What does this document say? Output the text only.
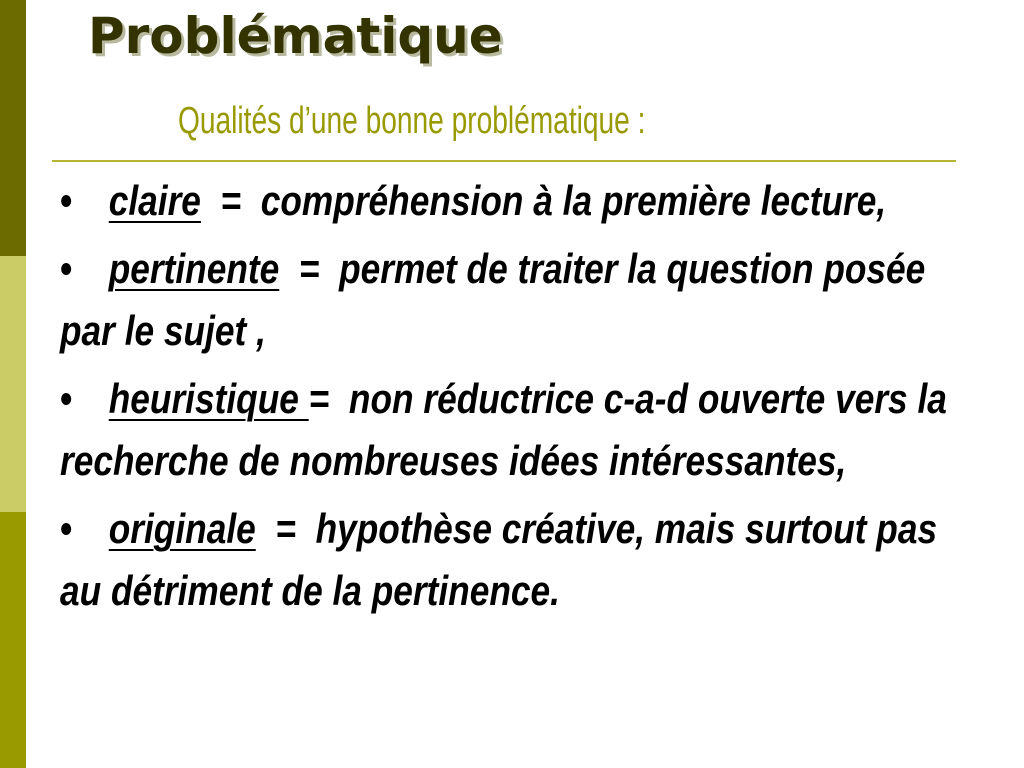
Problématique
Qualités d’une bonne problématique :
• claire  =  compréhension à la première lecture,
• pertinente  =  permet de traiter la question posée par le sujet ,
• heuristique =  non réductrice c-a-d ouverte vers la recherche de nombreuses idées intéressantes,
• originale  =  hypothèse créative, mais surtout pas au détriment de la pertinence.
